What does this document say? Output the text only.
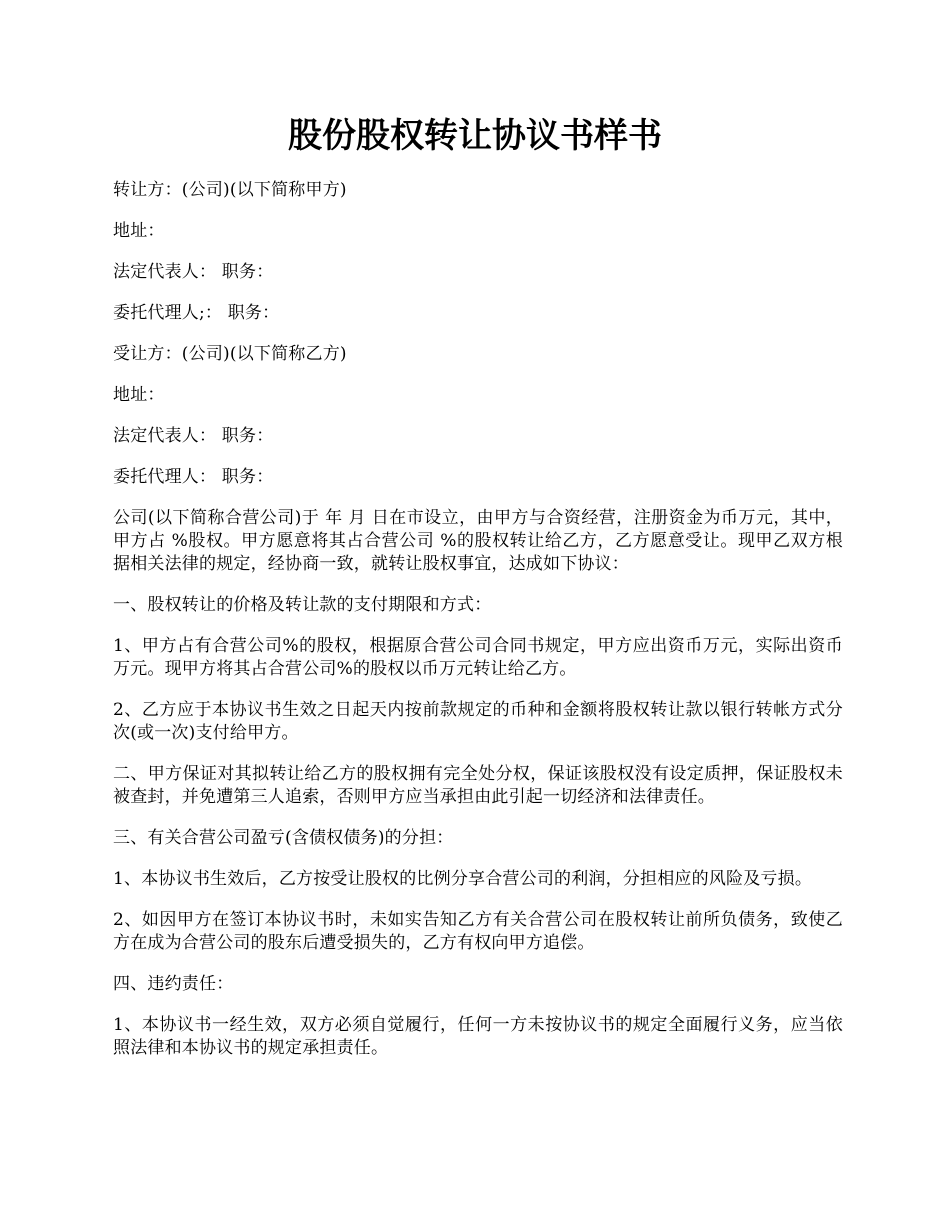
股份股权转让协议书样书

转让方：(公司)(以下简称甲方)

地址：

法定代表人： 职务：

委托代理人;： 职务：

受让方：(公司)(以下简称乙方)

地址：

法定代表人： 职务：

委托代理人： 职务：

公司(以下简称合营公司)于 年 月 日在市设立，由甲方与合资经营，注册资金为币万元，其中，甲方占 %股权。甲方愿意将其占合营公司 %的股权转让给乙方，乙方愿意受让。现甲乙双方根据相关法律的规定，经协商一致，就转让股权事宜，达成如下协议：

一、股权转让的价格及转让款的支付期限和方式：

1、甲方占有合营公司%的股权，根据原合营公司合同书规定，甲方应出资币万元，实际出资币 万元。现甲方将其占合营公司%的股权以币万元转让给乙方。

2、乙方应于本协议书生效之日起天内按前款规定的币种和金额将股权转让款以银行转帐方式分次(或一次)支付给甲方。

二、甲方保证对其拟转让给乙方的股权拥有完全处分权，保证该股权没有设定质押，保证股权未被查封，并免遭第三人追索，否则甲方应当承担由此引起一切经济和法律责任。

三、有关合营公司盈亏(含债权债务)的分担：

1、本协议书生效后，乙方按受让股权的比例分享合营公司的利润，分担相应的风险及亏损。

2、如因甲方在签订本协议书时，未如实告知乙方有关合营公司在股权转让前所负债务，致使乙方在成为合营公司的股东后遭受损失的，乙方有权向甲方追偿。

四、违约责任：

1、本协议书一经生效，双方必须自觉履行，任何一方未按协议书的规定全面履行义务，应当依照法律和本协议书的规定承担责任。
